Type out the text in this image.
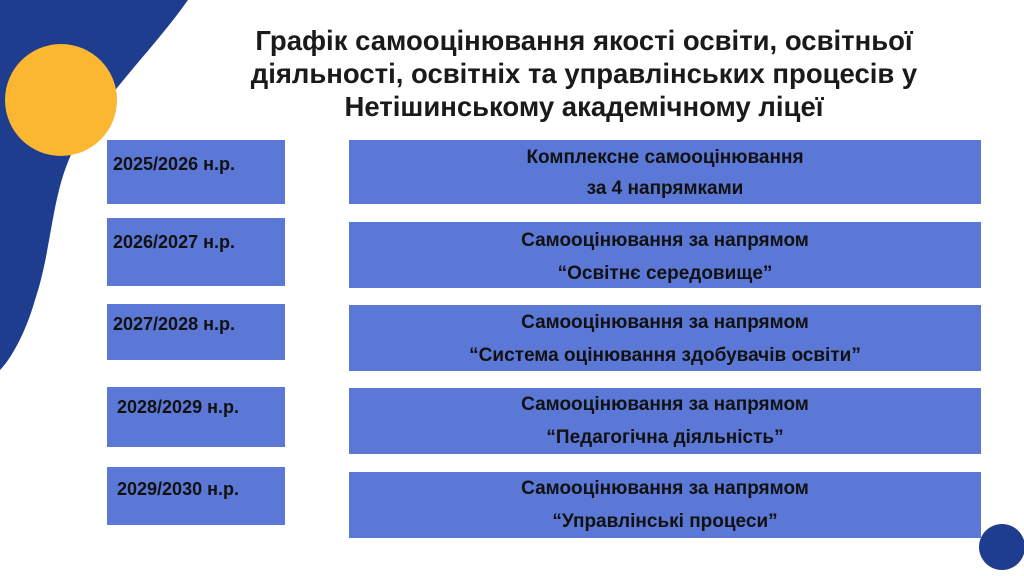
Графік самооцінювання якості освіти, освітньої
діяльності, освітніх та управлінських процесів у
Нетішинському академічному ліцеї
2025/2026 н.р.	Комплексне самооцінювання
за 4 напрямками
2026/2027 н.р.	Самооцінювання за напрямом
“Освітнє середовище”
2027/2028 н.р.	Самооцінювання за напрямом
“Система оцінювання здобувачів освіти”
2028/2029 н.р.	Самооцінювання за напрямом
“Педагогічна діяльність”
2029/2030 н.р.	Самооцінювання за напрямом
“Управлінські процеси”
